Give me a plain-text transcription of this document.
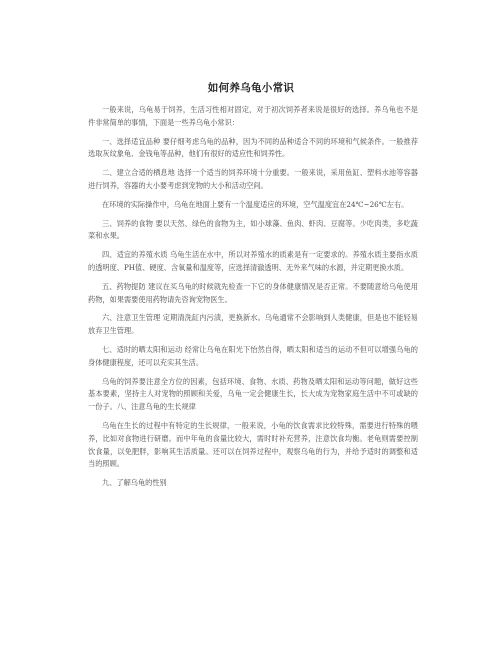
如何养乌龟小常识

一般来说，乌龟易于饲养，生活习性相对固定，对于初次饲养者来说是很好的选择。养乌龟也不是件非常简单的事情，下面是一些养乌龟小常识：

一、选择适宜品种 要仔细考虑乌龟的品种，因为不同的品种适合不同的环境和气候条件。一般推荐选取灰纹象龟、金钱龟等品种，他们有很好的适应性和饲养性。

二、建立合适的栖息地 选择一个适当的饲养环境十分重要。一般来说，采用鱼缸、塑料水池等容器进行饲养，容器的大小要考虑到宠物的大小和活动空间。

在环境的实际操作中，乌龟在地面上要有一个温度适应的环境，空气温度宜在24℃~26℃左右。

三、饲养的食物 要以天然、绿色的食物为主，如小球藻、鱼肉、虾肉、豆腐等。少吃肉类，多吃蔬菜和水果。

四、适宜的养殖水质 乌龟生活在水中，所以对养殖水的质素是有一定要求的。养殖水质主要指水质的透明度、PH值、硬度、含氧量和温度等，应选择清澈透明、无外来气味的水源，并定期更换水质。

五、药物提防 建议在买乌龟的时候就先检查一下它的身体健康情况是否正常。不要随意给乌龟使用药物，如果需要使用药物请先咨询宠物医生。

六、注意卫生管理 定期清洗缸内污渍，更换新水。乌龟通常不会影响到人类健康，但是也不能轻易放弃卫生管理。

七、适时的晒太阳和运动 经常让乌龟在阳光下怡然自得，晒太阳和适当的运动不但可以增强乌龟的身体健康程度，还可以充实其生活。

乌龟的饲养要注意全方位的因素，包括环境、食物、水质、药物及晒太阳和运动等问题，做好这些基本要素，坚持主人对宠物的照顾和关爱，乌龟一定会健康生长，长大成为宠物家庭生活中不可或缺的一份子。八、注意乌龟的生长规律

乌龟在生长的过程中有特定的生长规律，一般来说，小龟的饮食需求比较特殊，需要进行特殊的喂养，比如对食物进行研磨。而中年龟的食量比较大，需时时补充营养，注意饮食均衡。老龟则需要控制饮食量，以免肥胖，影响其生活质量。还可以在饲养过程中，观察乌龟的行为，并给予适时的调整和适当的照顾。

九、了解乌龟的性别
